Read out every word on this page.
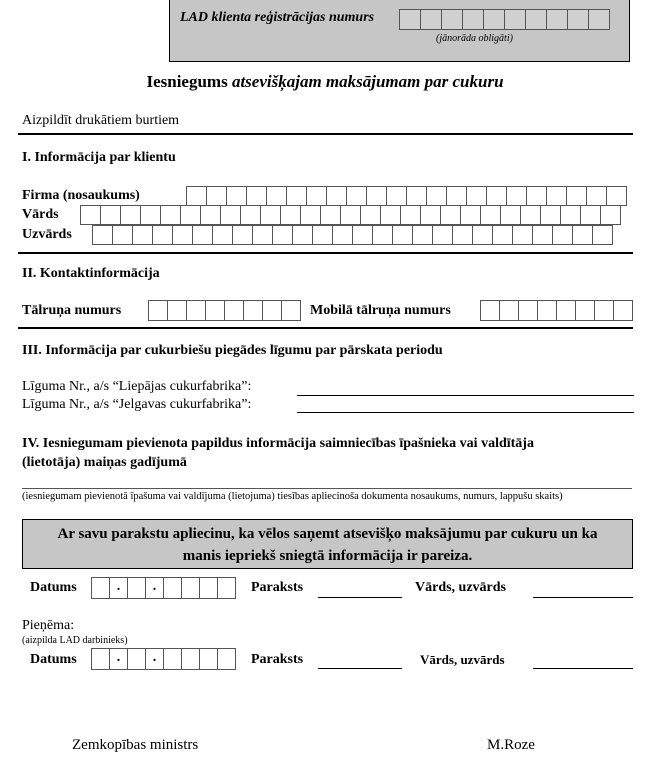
LAD klienta reģistrācijas numurs
(jānorāda obligāti)
Iesniegums atsevišķajam maksājumam par cukuru
Aizpildīt drukātiem burtiem
I. Informācija par klientu
Firma (nosaukums)
Vārds
Uzvārds
II. Kontaktinformācija
Tālruņa numurs	Mobilā tālruņa numurs
III. Informācija par cukurbiešu piegādes līgumu par pārskata periodu
Līguma Nr., a/s “Liepājas cukurfabrika”:
Līguma Nr., a/s “Jelgavas cukurfabrika”:
IV. Iesniegumam pievienota papildus informācija saimniecības īpašnieka vai valdītāja
(lietotāja) maiņas gadījumā
(iesniegumam pievienotā īpašuma vai valdījuma (lietojuma) tiesības apliecinoša dokumenta nosaukums, numurs, lappušu skaits)
Ar savu parakstu apliecinu, ka vēlos saņemt atsevišķo maksājumu par cukuru un ka
manis iepriekš sniegtā informācija ir pareiza.
Datums	.	.	Paraksts	Vārds, uzvārds
Pieņēma:
(aizpilda LAD darbinieks)
Datums	.	.	Paraksts	Vārds, uzvārds
Zemkopības ministrs	M.Roze
